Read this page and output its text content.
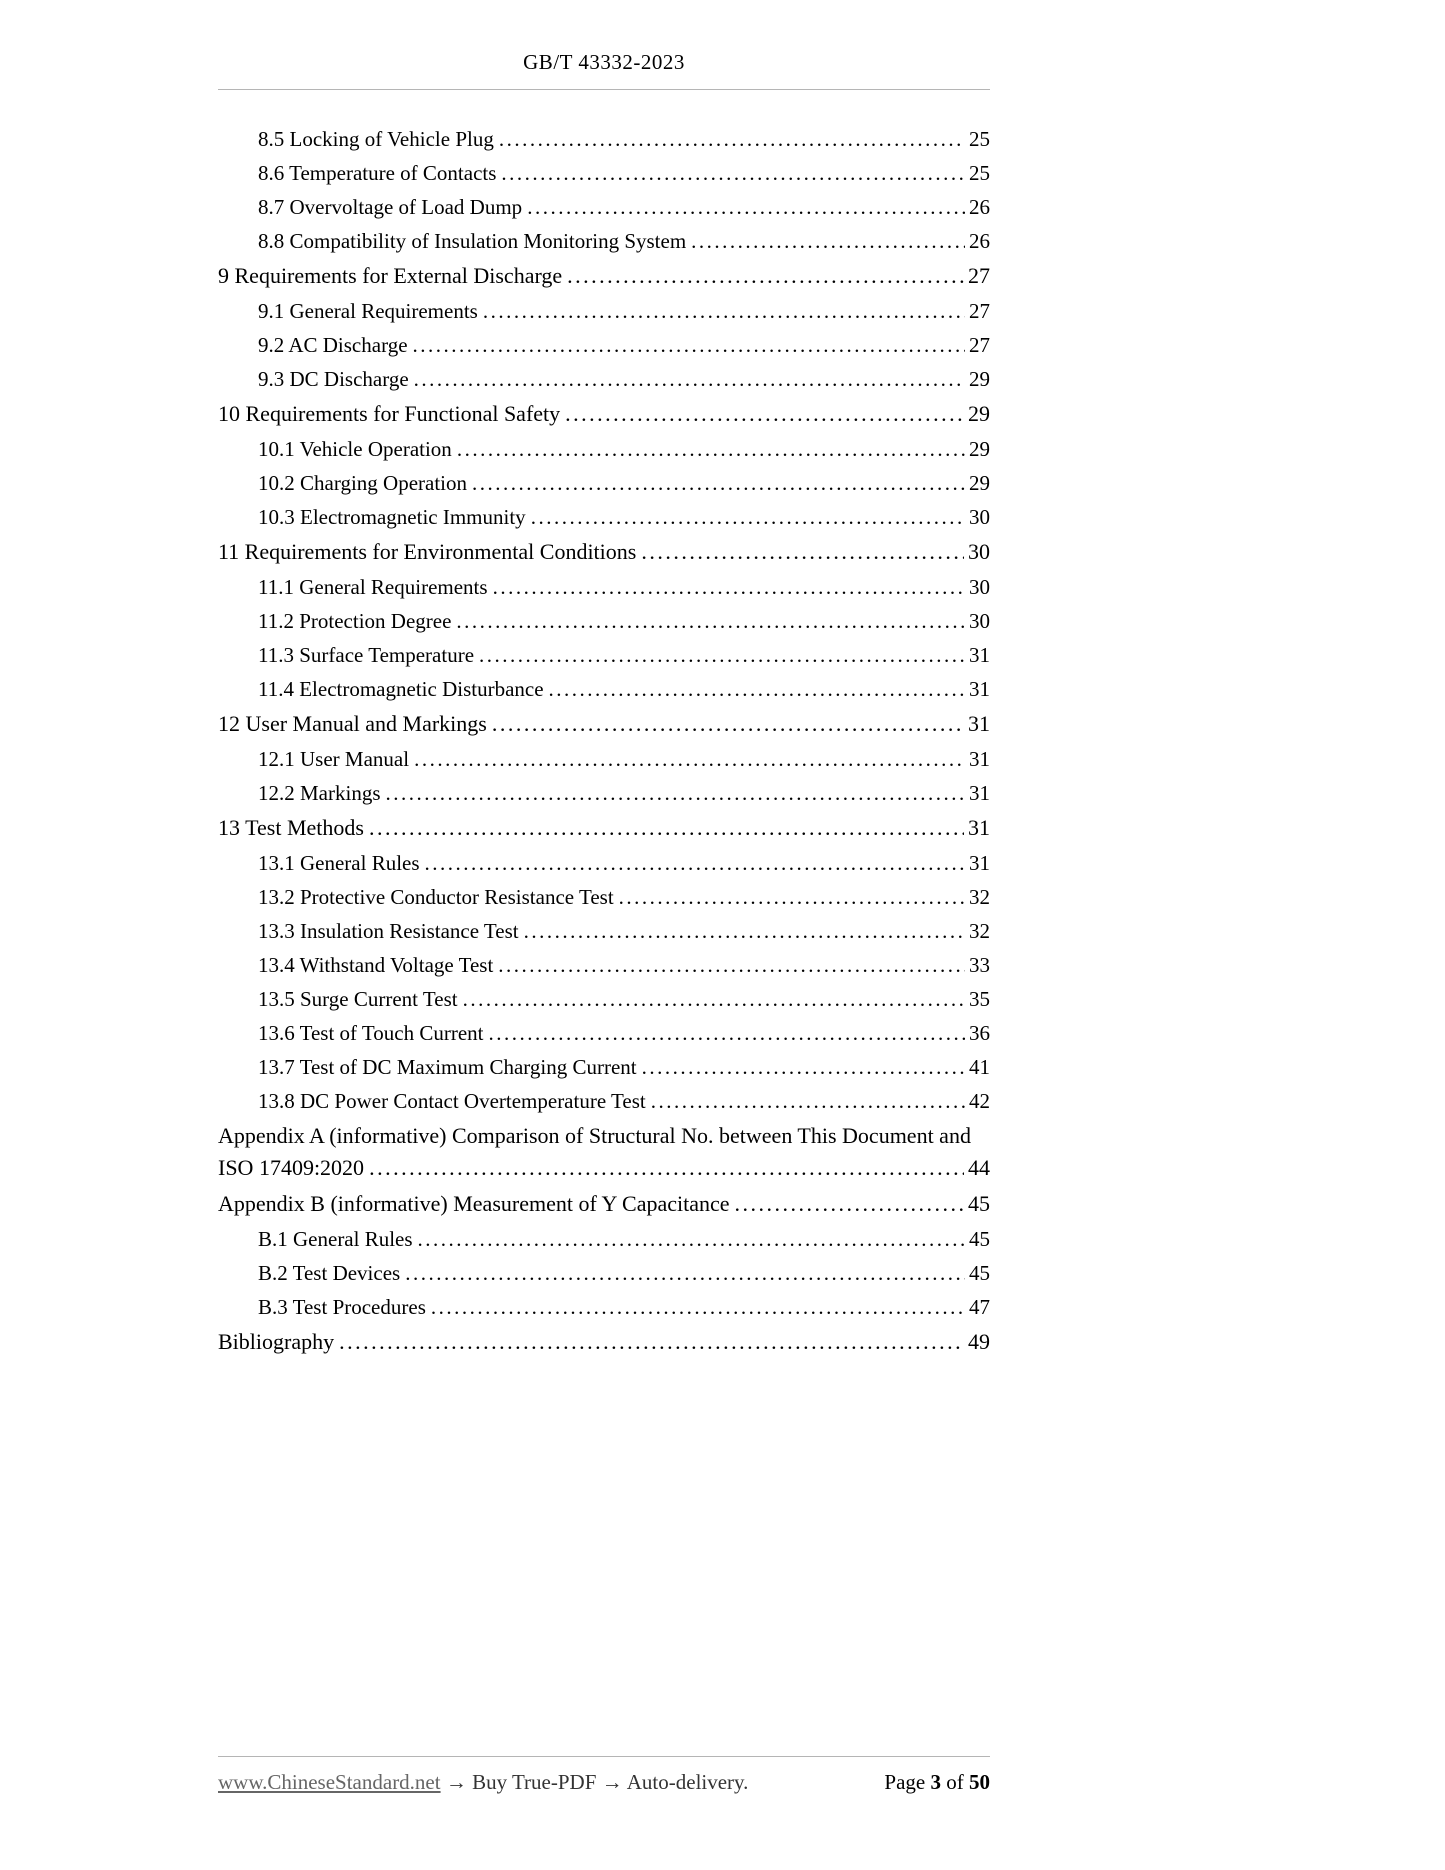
GB/T 43332-2023
8.5 Locking of Vehicle Plug .....	25
8.6 Temperature of Contacts .....	25
8.7 Overvoltage of Load Dump .....	26
8.8 Compatibility of Insulation Monitoring System .....	26
9 Requirements for External Discharge .....	27
9.1 General Requirements .....	27
9.2 AC Discharge .....	27
9.3 DC Discharge .....	29
10 Requirements for Functional Safety .....	29
10.1 Vehicle Operation .....	29
10.2 Charging Operation .....	29
10.3 Electromagnetic Immunity .....	30
11 Requirements for Environmental Conditions .....	30
11.1 General Requirements .....	30
11.2 Protection Degree .....	30
11.3 Surface Temperature .....	31
11.4 Electromagnetic Disturbance .....	31
12 User Manual and Markings .....	31
12.1 User Manual .....	31
12.2 Markings .....	31
13 Test Methods .....	31
13.1 General Rules .....	31
13.2 Protective Conductor Resistance Test .....	32
13.3 Insulation Resistance Test .....	32
13.4 Withstand Voltage Test .....	33
13.5 Surge Current Test .....	35
13.6 Test of Touch Current .....	36
13.7 Test of DC Maximum Charging Current .....	41
13.8 DC Power Contact Overtemperature Test .....	42
Appendix A (informative) Comparison of Structural No. between This Document and
ISO 17409:2020 .....	44
Appendix B (informative) Measurement of Y Capacitance .....	45
B.1 General Rules .....	45
B.2 Test Devices .....	45
B.3 Test Procedures .....	47
Bibliography .....	49
www.ChineseStandard.net → Buy True-PDF → Auto-delivery.	Page 3 of 50
